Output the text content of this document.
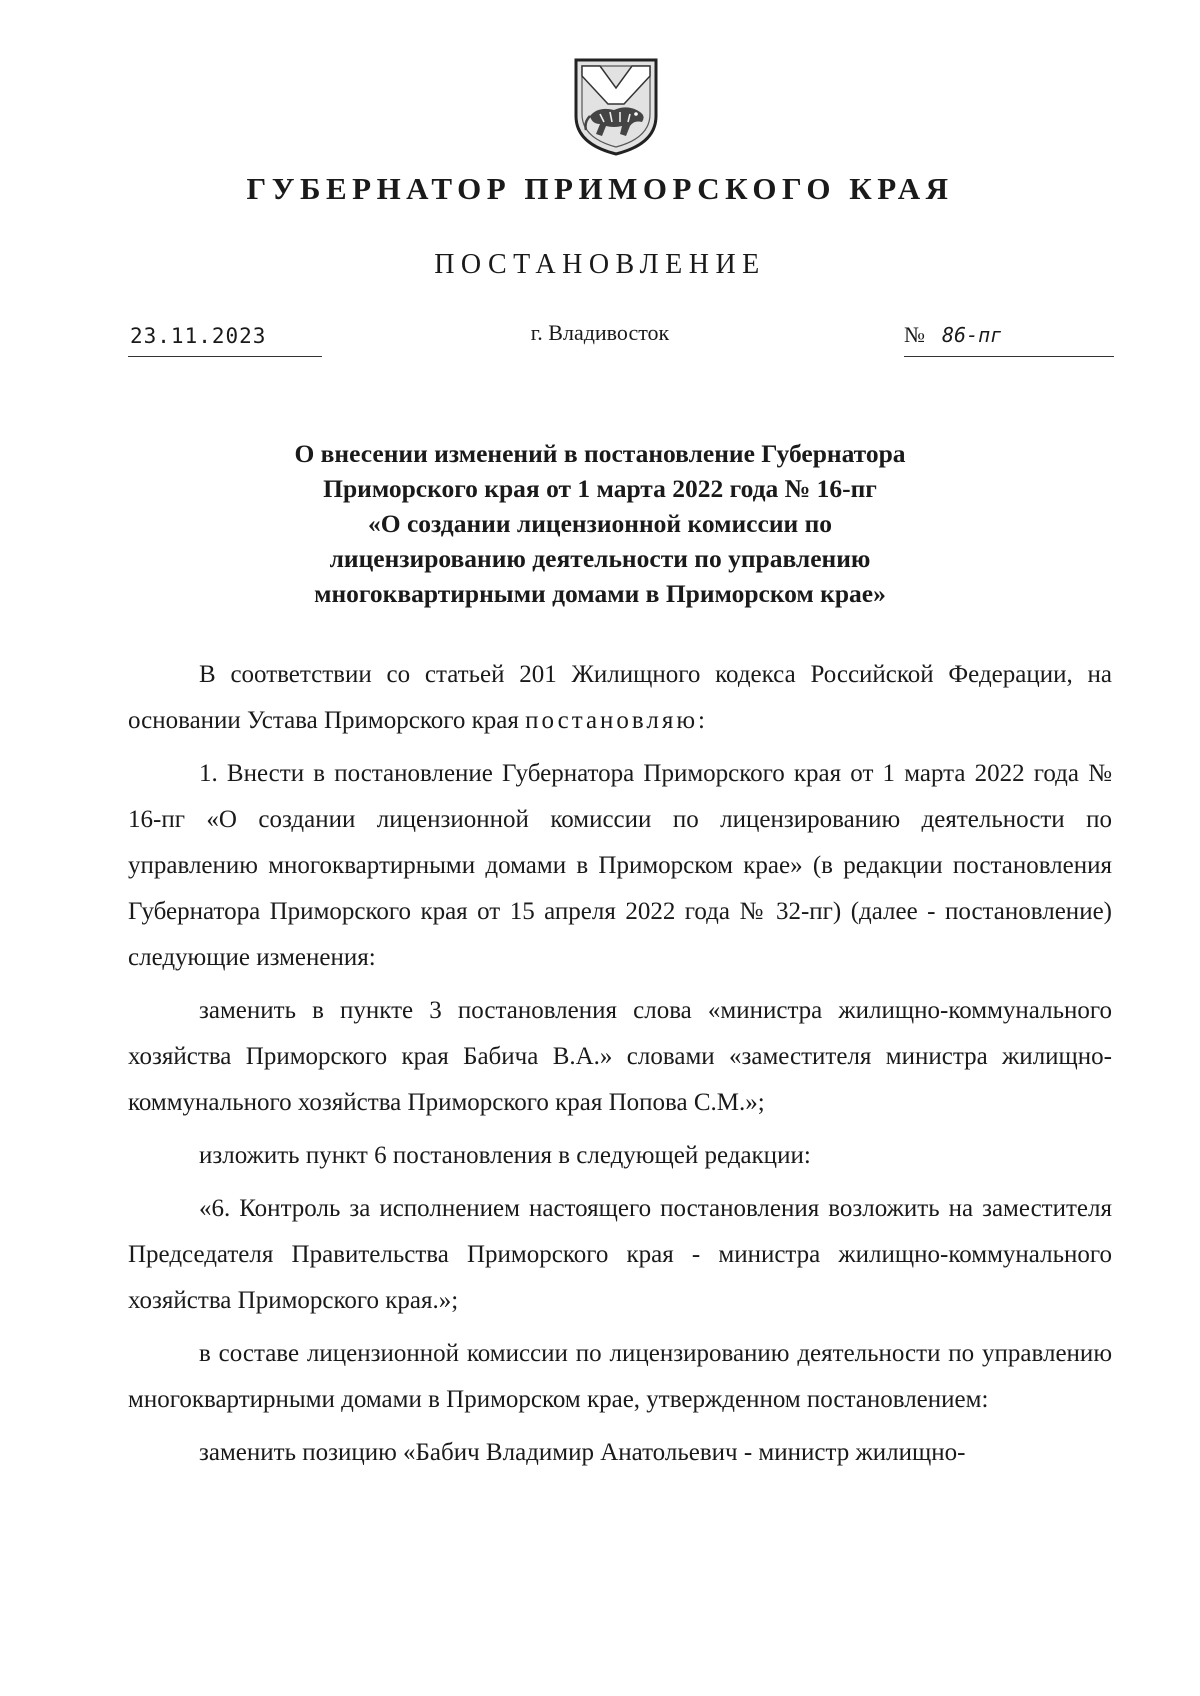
ГУБЕРНАТОР ПРИМОРСКОГО КРАЯ
ПОСТАНОВЛЕНИЕ
23.11.2023	г. Владивосток	№ 86-пг
О внесении изменений в постановление Губернатора
Приморского края от 1 марта 2022 года № 16-пг
«О создании лицензионной комиссии по
лицензированию деятельности по управлению
многоквартирными домами в Приморском крае»

В соответствии со статьей 201 Жилищного кодекса Российской Федерации, на основании Устава Приморского края постановляю:

1. Внести в постановление Губернатора Приморского края от 1 марта 2022 года № 16-пг «О создании лицензионной комиссии по лицензированию деятельности по управлению многоквартирными домами в Приморском крае» (в редакции постановления Губернатора Приморского края от 15 апреля 2022 года № 32-пг) (далее - постановление) следующие изменения:

заменить в пункте 3 постановления слова «министра жилищно-коммунального хозяйства Приморского края Бабича В.А.» словами «заместителя министра жилищно-коммунального хозяйства Приморского края Попова С.М.»;

изложить пункт 6 постановления в следующей редакции:

«6. Контроль за исполнением настоящего постановления возложить на заместителя Председателя Правительства Приморского края - министра жилищно-коммунального хозяйства Приморского края.»;

в составе лицензионной комиссии по лицензированию деятельности по управлению многоквартирными домами в Приморском крае, утвержденном постановлением:

заменить позицию «Бабич Владимир Анатольевич - министр жилищно-
